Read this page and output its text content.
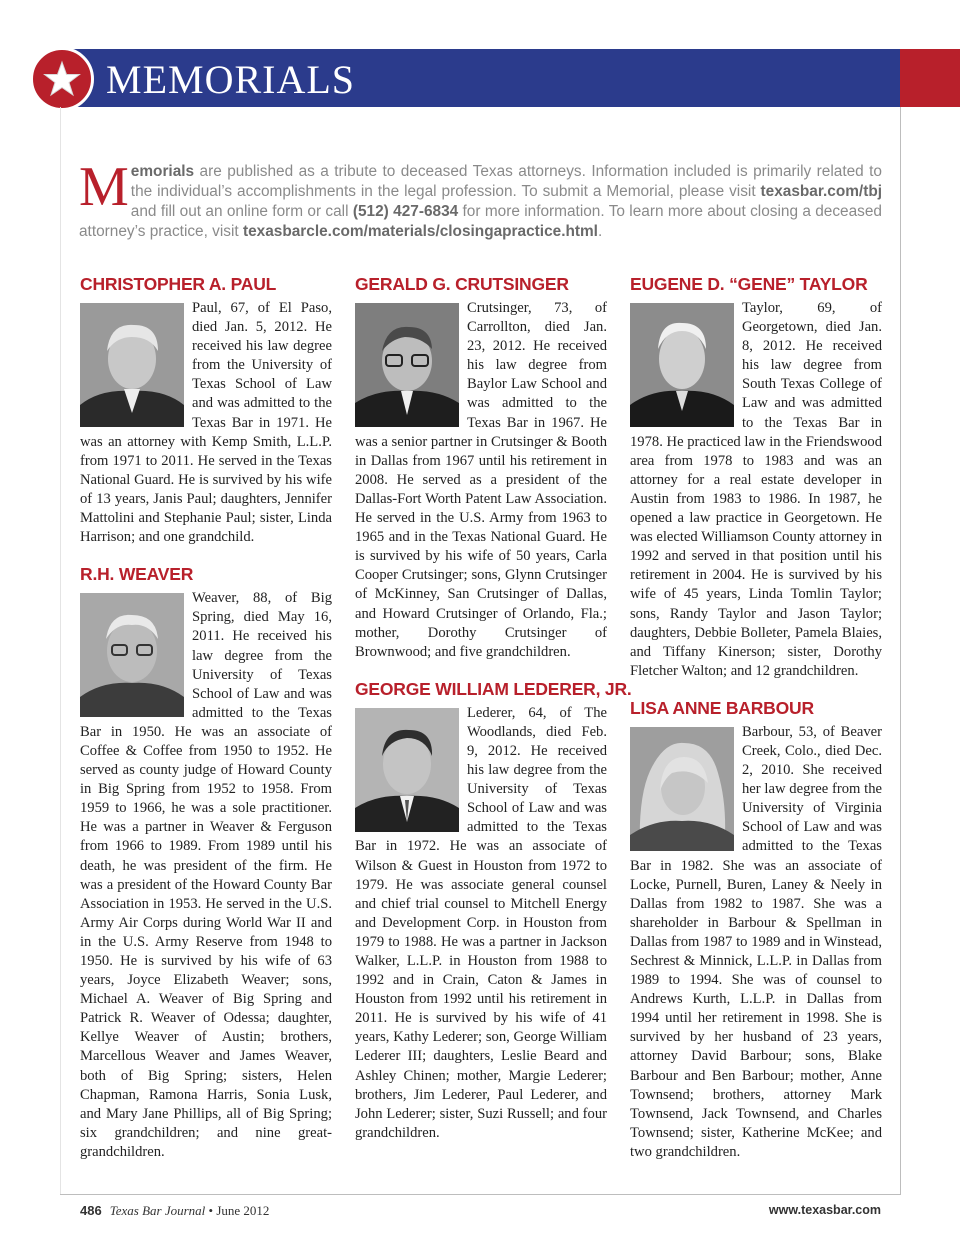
MEMORIALS
Memorials are published as a tribute to deceased Texas attorneys. Information included is primarily related to the individual’s accomplishments in the legal profession. To submit a Memorial, please visit texasbar.com/tbj and fill out an online form or call (512) 427-6834 for more information. To learn more about closing a deceased attorney’s practice, visit texasbarcle.com/materials/closingapractice.html.
CHRISTOPHER A. PAUL

Paul, 67, of El Paso, died Jan. 5, 2012. He received his law degree from the University of Texas School of Law and was admitted to the Texas Bar in 1971. He was an attorney with Kemp Smith, L.L.P. from 1971 to 2011. He served in the Texas National Guard. He is survived by his wife of 13 years, Janis Paul; daughters, Jennifer Mattolini and Stephanie Paul; sister, Linda Harrison; and one grandchild.

R.H. WEAVER

Weaver, 88, of Big Spring, died May 16, 2011. He received his law degree from the University of Texas School of Law and was admitted to the Texas Bar in 1950. He was an associate of Coffee & Coffee from 1950 to 1952. He served as county judge of Howard County in Big Spring from 1952 to 1958. From 1959 to 1966, he was a sole practitioner. He was a partner in Weaver & Ferguson from 1966 to 1989. From 1989 until his death, he was president of the firm. He was a president of the Howard County Bar Association in 1953. He served in the U.S. Army Air Corps during World War II and in the U.S. Army Reserve from 1948 to 1950. He is survived by his wife of 63 years, Joyce Elizabeth Weaver; sons, Michael A. Weaver of Big Spring and Patrick R. Weaver of Odessa; daughter, Kellye Weaver of Austin; brothers, Marcellous Weaver and James Weaver, both of Big Spring; sisters, Helen Chapman, Ramona Harris, Sonia Lusk, and Mary Jane Phillips, all of Big Spring; six grandchildren; and nine great-grandchildren.

GERALD G. CRUTSINGER

Crutsinger, 73, of Carrollton, died Jan. 23, 2012. He received his law degree from Baylor Law School and was admitted to the Texas Bar in 1967. He was a senior partner in Crutsinger & Booth in Dallas from 1967 until his retirement in 2008. He served as a president of the Dallas-Fort Worth Patent Law Association. He served in the U.S. Army from 1963 to 1965 and in the Texas National Guard. He is survived by his wife of 50 years, Carla Cooper Crutsinger; sons, Glynn Crutsinger of McKinney, San Crutsinger of Dallas, and Howard Crutsinger of Orlando, Fla.; mother, Dorothy Crutsinger of Brownwood; and five grandchildren.

GEORGE WILLIAM LEDERER, JR.

Lederer, 64, of The Woodlands, died Feb. 9, 2012. He received his law degree from the University of Texas School of Law and was admitted to the Texas Bar in 1972. He was an associate of Wilson & Guest in Houston from 1972 to 1979. He was associate general counsel and chief trial counsel to Mitchell Energy and Development Corp. in Houston from 1979 to 1988. He was a partner in Jackson Walker, L.L.P. in Houston from 1988 to 1992 and in Crain, Caton & James in Houston from 1992 until his retirement in 2011. He is survived by his wife of 41 years, Kathy Lederer; son, George William Lederer III; daughters, Leslie Beard and Ashley Chinen; mother, Margie Lederer; brothers, Jim Lederer, Paul Lederer, and John Lederer; sister, Suzi Russell; and four grandchildren.

EUGENE D. “GENE” TAYLOR

Taylor, 69, of Georgetown, died Jan. 8, 2012. He received his law degree from South Texas College of Law and was admitted to the Texas Bar in 1978. He practiced law in the Friendswood area from 1978 to 1983 and was an attorney for a real estate developer in Austin from 1983 to 1986. In 1987, he opened a law practice in Georgetown. He was elected Williamson County attorney in 1992 and served in that position until his retirement in 2004. He is survived by his wife of 45 years, Linda Tomlin Taylor; sons, Randy Taylor and Jason Taylor; daughters, Debbie Bolleter, Pamela Blaies, and Tiffany Kinerson; sister, Dorothy Fletcher Walton; and 12 grandchildren.

LISA ANNE BARBOUR

Barbour, 53, of Beaver Creek, Colo., died Dec. 2, 2010. She received her law degree from the University of Virginia School of Law and was admitted to the Texas Bar in 1982. She was an associate of Locke, Purnell, Buren, Laney & Neely in Dallas from 1982 to 1987. She was a shareholder in Barbour & Spellman in Dallas from 1987 to 1989 and in Winstead, Sechrest & Minnick, L.L.P. in Dallas from 1989 to 1994. She was of counsel to Andrews Kurth, L.L.P. in Dallas from 1994 until her retirement in 1998. She is survived by her husband of 23 years, attorney David Barbour; sons, Blake Barbour and Ben Barbour; mother, Anne Townsend; brothers, attorney Mark Townsend, Jack Townsend, and Charles Townsend; sister, Katherine McKee; and two grandchildren.

486 Texas Bar Journal • June 2012	www.texasbar.com
